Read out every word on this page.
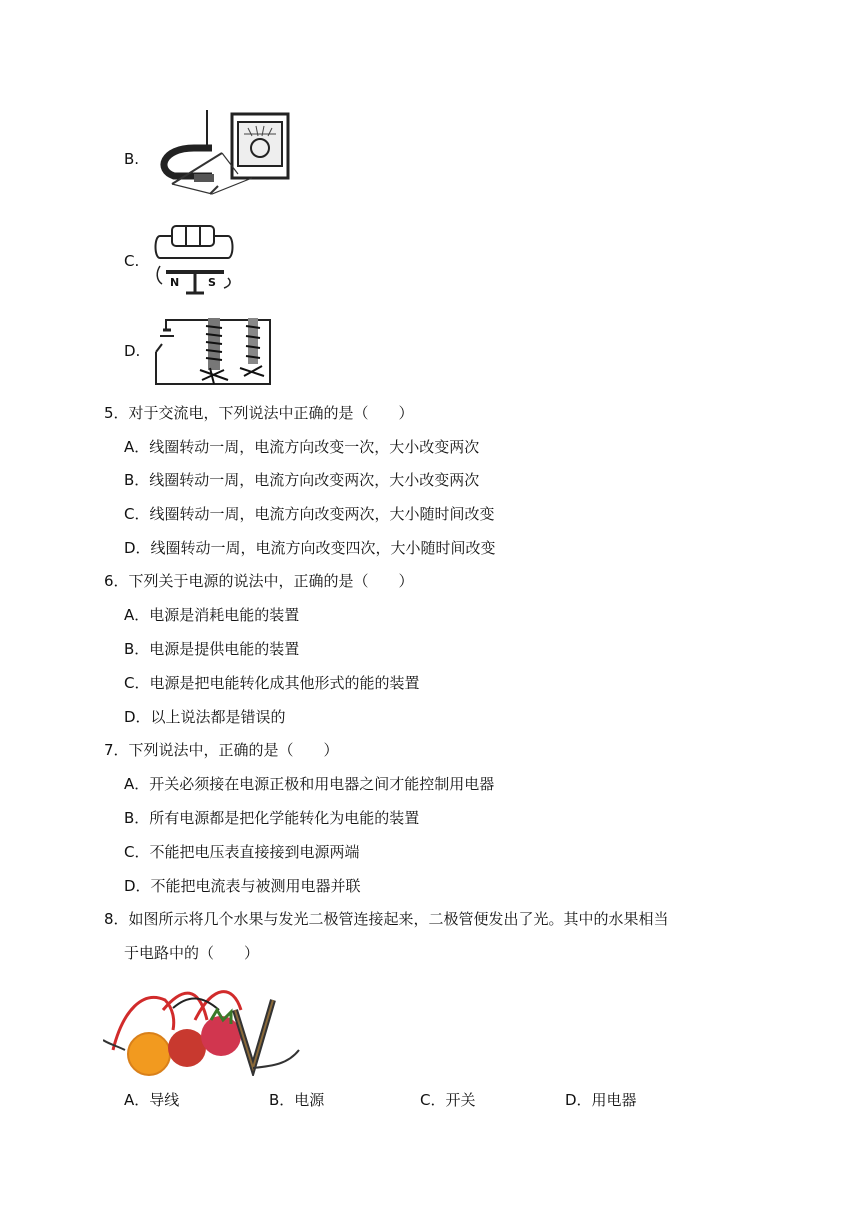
B.
C.
N	S
D.
5．对于交流电，下列说法中正确的是（　　）
A．线圈转动一周，电流方向改变一次，大小改变两次
B．线圈转动一周，电流方向改变两次，大小改变两次
C．线圈转动一周，电流方向改变两次，大小随时间改变
D．线圈转动一周，电流方向改变四次，大小随时间改变
6．下列关于电源的说法中，正确的是（　　）
A．电源是消耗电能的装置
B．电源是提供电能的装置
C．电源是把电能转化成其他形式的能的装置
D．以上说法都是错误的
7．下列说法中，正确的是（　　）
A．开关必须接在电源正极和用电器之间才能控制用电器
B．所有电源都是把化学能转化为电能的装置
C．不能把电压表直接接到电源两端
D．不能把电流表与被测用电器并联
8．如图所示将几个水果与发光二极管连接起来，二极管便发出了光。其中的水果相当
于电路中的（　　）
A．导线	B．电源	C．开关	D．用电器
